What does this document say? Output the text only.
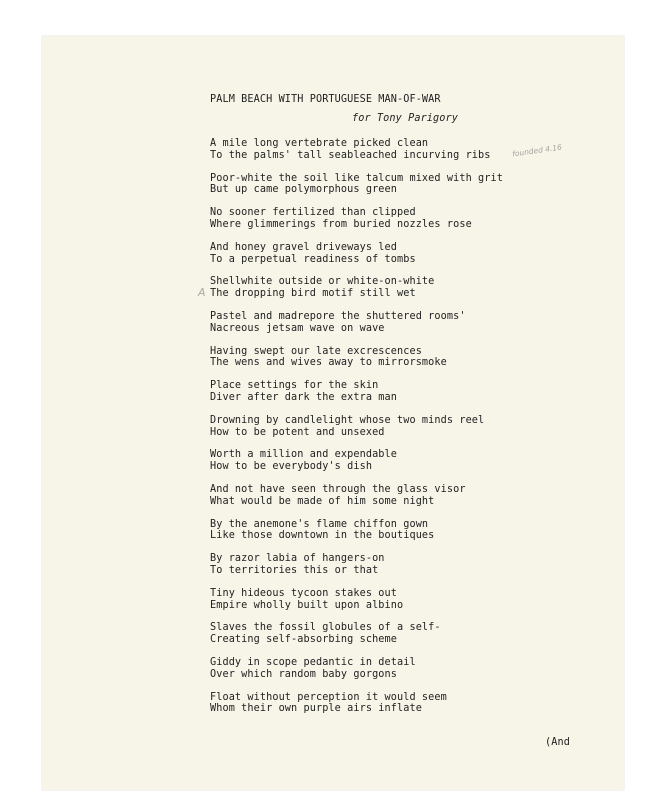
PALM BEACH WITH PORTUGUESE MAN-OF-WAR
for Tony Parigory
founded 4.16
A
A mile long vertebrate picked clean
To the palms' tall seableached incurving ribs
Poor-white the soil like talcum mixed with grit
But up came polymorphous green
No sooner fertilized than clipped
Where glimmerings from buried nozzles rose
And honey gravel driveways led
To a perpetual readiness of tombs
Shellwhite outside or white-on-white
The dropping bird motif still wet
Pastel and madrepore the shuttered rooms'
Nacreous jetsam wave on wave
Having swept our late excrescences
The wens and wives away to mirrorsmoke
Place settings for the skin
Diver after dark the extra man
Drowning by candlelight whose two minds reel
How to be potent and unsexed
Worth a million and expendable
How to be everybody's dish
And not have seen through the glass visor
What would be made of him some night
By the anemone's flame chiffon gown
Like those downtown in the boutiques
By razor labia of hangers-on
To territories this or that
Tiny hideous tycoon stakes out
Empire wholly built upon albino
Slaves the fossil globules of a self-
Creating self-absorbing scheme
Giddy in scope pedantic in detail
Over which random baby gorgons
Float without perception it would seem
Whom their own purple airs inflate
(And
